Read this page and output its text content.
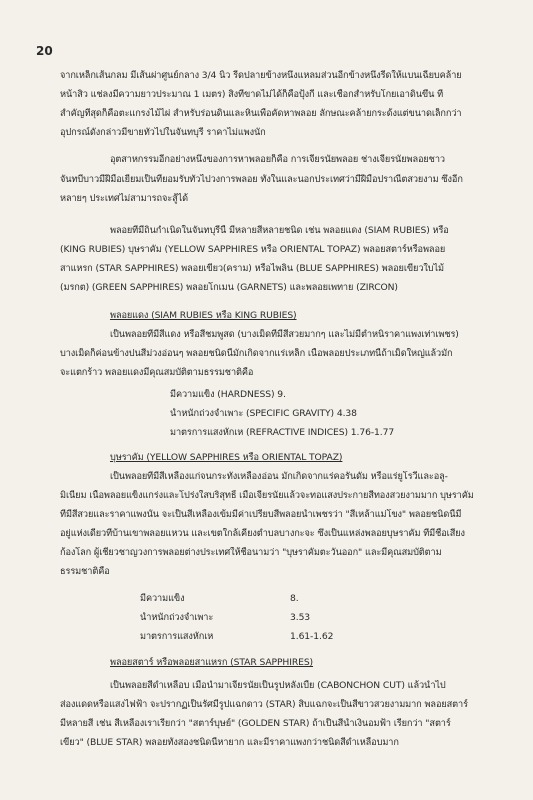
20
จากเหล็กเส้นกลม มีเส้นผ่าศูนย์กลาง 3/4 นิ้ว รีดปลายข้างหนึ่งแหลมส่วนอีกข้างหนึ่งรีดให้แบนเฉียบคล้าย
หน้าสิ่ว แช่ลงมีความยาวประมาณ 1 เมตร) สิ่งที่ขาดไม่ได้ก็คือปุ้งกี๋ และเชือกสำหรับโกยเอาดินขึ้น ที่
สำคัญที่สุดก็คือตะแกรงไม้ไผ่ สำหรับร่อนดินและหินเพื่อคัดหาพลอย ลักษณะคล้ายกระด้งแต่ขนาดเล็กกว่า
อุปกรณ์ดังกล่าวมีขายทั่วไปในจันทบุรี ราคาไม่แพงนัก
อุตสาหกรรมอีกอย่างหนึ่งของการหาพลอยก็คือ การเจียรนัยพลอย ช่างเจียรนัยพลอยชาว
จันทบีบาวมีฝีมือเยี่ยมเป็นที่ยอมรับทั่วไปวงการพลอย ทั้งในและนอกประเทศว่ามีฝีมือปราณีตสวยงาม ซึ่งอีก
หลายๆ ประเทศไม่สามารถจะสู้ได้
พลอยที่มีถิ่นกำเนิดในจันทบุรีนี้ มีหลายสีหลายชนิด เช่น พลอยแดง (SIAM RUBIES) หรือ
(KING RUBIES) บุษราคัม (YELLOW SAPPHIRES หรือ ORIENTAL TOPAZ) พลอยสตาร์หรือพลอย
สาแหรก (STAR SAPPHIRES) พลอยเขียว(คราม) หรือไพลิน (BLUE SAPPHIRES) พลอยเขียวใบไม้
(มรกต) (GREEN SAPPHIRES) พลอยโกเมน (GARNETS) และพลอยเพทาย (ZIRCON)
พลอยแดง (SIAM RUBIES หรือ KING RUBIES)
เป็นพลอยที่มีสีแดง หรือสีชมพูสด (บางเม็ดที่มีสีสวยมากๆ และไม่มีตำหนิราคาแพงเท่าเพชร)
บางเม็ดก็ค่อนข้างปนสีม่วงอ่อนๆ พลอยชนิดนี้มักเกิดจากแร่เหล็ก เนื้อพลอยประเภทนี้ถ้าเม็ดใหญ่แล้วมัก
จะแตกร้าว พลอยแดงมีคุณสมบัติตามธรรมชาติคือ
มีความแข็ง (HARDNESS) 9.
น้ำหนักถ่วงจำเพาะ (SPECIFIC GRAVITY) 4.38
มาตรการแสงหักเห (REFRACTIVE INDICES) 1.76-1.77
บุษราคัม (YELLOW SAPPHIRES หรือ ORIENTAL TOPAZ)
เป็นพลอยที่มีสีเหลืองแก่จนกระทั่งเหลืองอ่อน มักเกิดจากแร่คอรันดัม หรือแร่ยูโรวีและอลู-
มิเนียม เนื้อพลอยแข็งแกร่งและโปร่งใสบริสุทธิ์ เมื่อเจียรนัยแล้วจะทอแสงประกายสีทองสวยงามมาก บุษราคัม
ที่มีสีสวยและราคาแพงนั้น จะเป็นสีเหลืองเข้มมีค่าเปรียบสีพลอยน้ำเพชรว่า "สีเหล้าแม่โขง" พลอยชนิดนี้มี
อยู่แห่งเดียวที่บ้านเขาพลอยแหวน และเขตใกล้เคียงตำบลบางกะจะ ซึ่งเป็นแหล่งพลอยบุษราคัม ที่มีชื่อเสียง
ก้องโลก ผู้เชี่ยวชาญวงการพลอยต่างประเทศให้ชื่อนามว่า "บุษราคัมตะวันออก" และมีคุณสมบัติตาม
ธรรมชาติคือ
มีความแข็ง	8.
น้ำหนักถ่วงจำเพาะ	3.53
มาตรการแสงหักเห	1.61-1.62
พลอยสตาร์ หรือพลอยสาแหรก (STAR SAPPHIRES)
เป็นพลอยสีดำเหลือบ เมื่อนำมาเจียรนัยเป็นรูปหลังเบี้ย (CABONCHON CUT) แล้วนำไป
ส่องแดดหรือแสงไฟฟ้า จะปรากฏเป็นรัศมีรูปแฉกดาว (STAR) สิบแฉกจะเป็นสีขาวสวยงามมาก พลอยสตาร์
มีหลายสี เช่น สีเหลืองเราเรียกว่า "สตาร์บุษย์" (GOLDEN STAR) ถ้าเป็นสีน้ำเงินอมฟ้า เรียกว่า "สตาร์
เขียว" (BLUE STAR) พลอยทั้งสองชนิดนี้หายาก และมีราคาแพงกว่าชนิดสีดำเหลือบมาก
